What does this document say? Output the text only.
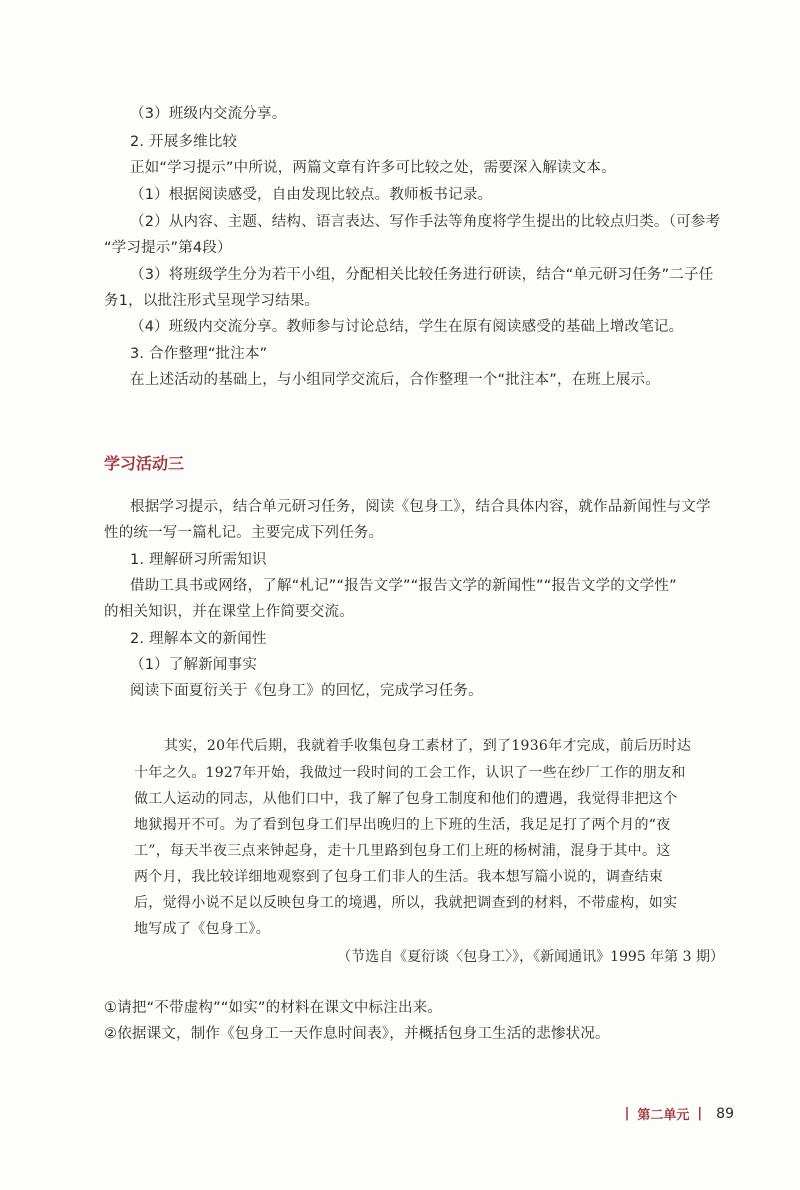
（3）班级内交流分享。
2. 开展多维比较
正如“学习提示”中所说，两篇文章有许多可比较之处，需要深入解读文本。
（1）根据阅读感受，自由发现比较点。教师板书记录。
（2）从内容、主题、结构、语言表达、写作手法等角度将学生提出的比较点归类。（可参考
“学习提示”第4段）
（3）将班级学生分为若干小组，分配相关比较任务进行研读，结合“单元研习任务”二子任
务1，以批注形式呈现学习结果。
（4）班级内交流分享。教师参与讨论总结，学生在原有阅读感受的基础上增改笔记。
3. 合作整理“批注本”
在上述活动的基础上，与小组同学交流后，合作整理一个“批注本”，在班上展示。
学习活动三
根据学习提示，结合单元研习任务，阅读《包身工》，结合具体内容，就作品新闻性与文学
性的统一写一篇札记。主要完成下列任务。
1. 理解研习所需知识
借助工具书或网络，了解“札记”“报告文学”“报告文学的新闻性”“报告文学的文学性”
的相关知识，并在课堂上作简要交流。
2. 理解本文的新闻性
（1）了解新闻事实
阅读下面夏衍关于《包身工》的回忆，完成学习任务。
其实，20年代后期，我就着手收集包身工素材了，到了1936年才完成，前后历时达
十年之久。1927年开始，我做过一段时间的工会工作，认识了一些在纱厂工作的朋友和
做工人运动的同志，从他们口中，我了解了包身工制度和他们的遭遇，我觉得非把这个
地狱揭开不可。为了看到包身工们早出晚归的上下班的生活，我足足打了两个月的“夜
工”，每天半夜三点来钟起身，走十几里路到包身工们上班的杨树浦，混身于其中。这
两个月，我比较详细地观察到了包身工们非人的生活。我本想写篇小说的，调查结束
后，觉得小说不足以反映包身工的境遇，所以，我就把调查到的材料，不带虚构，如实
地写成了《包身工》。
（节选自《夏衍谈〈包身工〉》，《新闻通讯》1995 年第 3 期）
①请把“不带虚构”“如实”的材料在课文中标注出来。
②依据课文，制作《包身工一天作息时间表》，并概括包身工生活的悲惨状况。
| 第二单元 | 89
